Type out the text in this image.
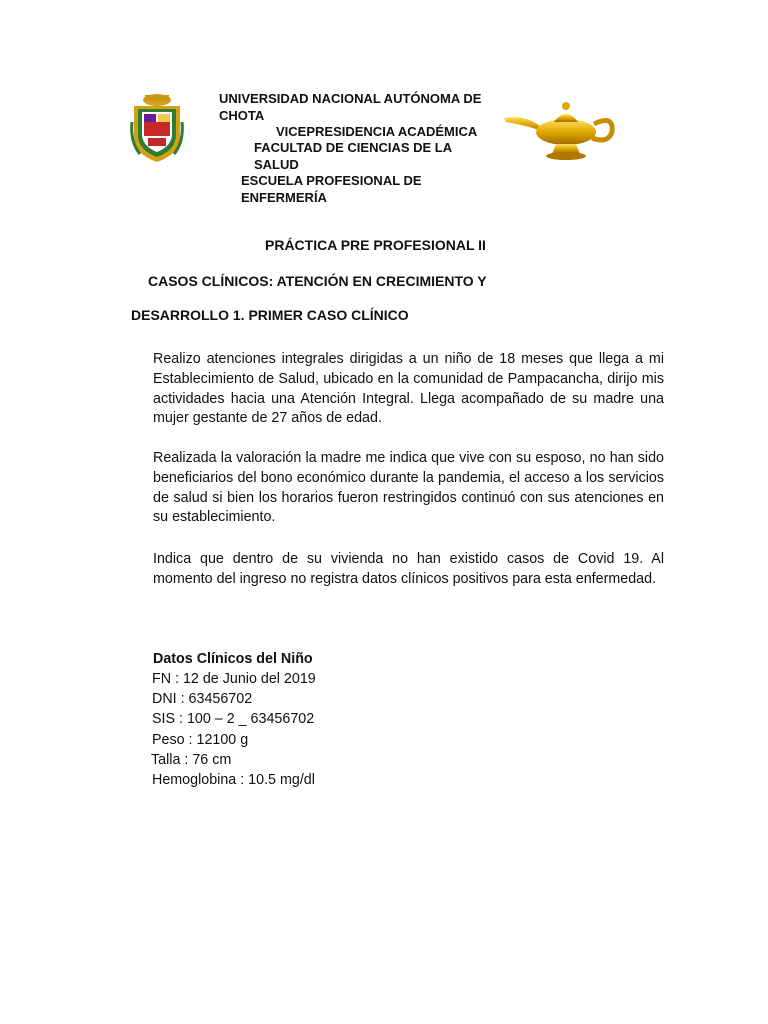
UNIVERSIDAD NACIONAL AUTÓNOMA DE
CHOTA
VICEPRESIDENCIA ACADÉMICA
FACULTAD DE CIENCIAS DE LA
SALUD
ESCUELA PROFESIONAL DE
ENFERMERÍA
PRÁCTICA PRE PROFESIONAL II
CASOS CLÍNICOS: ATENCIÓN EN CRECIMIENTO Y
DESARROLLO 1. PRIMER CASO CLÍNICO
Realizo atenciones integrales dirigidas a un niño de 18 meses que llega a mi Establecimiento de Salud, ubicado en la comunidad de Pampacancha, dirijo mis actividades hacia una Atención Integral. Llega acompañado de su madre una mujer gestante de 27 años de edad.
Realizada la valoración la madre me indica que vive con su esposo, no han sido beneficiarios del bono económico durante la pandemia, el acceso a los servicios de salud si bien los horarios fueron restringidos continuó con sus atenciones en su establecimiento.
Indica que dentro de su vivienda no han existido casos de Covid 19. Al momento del ingreso no registra datos clínicos positivos para esta enfermedad.
Datos Clínicos del Niño
FN : 12 de Junio del 2019
DNI : 63456702
SIS : 100 – 2 _ 63456702
Peso : 12100 g
Talla : 76 cm
Hemoglobina : 10.5 mg/dl
